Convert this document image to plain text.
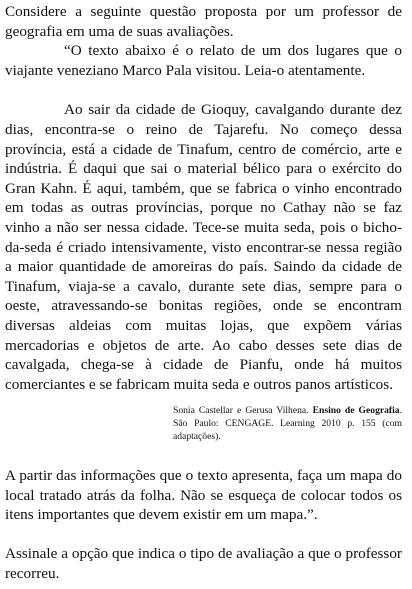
Considere a seguinte questão proposta por um professor de geografia em uma de suas avaliações.

“O texto abaixo é o relato de um dos lugares que o viajante veneziano Marco Pala visitou. Leia-o atentamente.

Ao sair da cidade de Gioquy, cavalgando durante dez dias, encontra-se o reino de Tajarefu. No começo dessa província, está a cidade de Tinafum, centro de comércio, arte e indústria. É daqui que sai o material bélico para o exército do Gran Kahn. É aqui, também, que se fabrica o vinho encontrado em todas as outras províncias, porque no Cathay não se faz vinho a não ser nessa cidade. Tece-se muita seda, pois o bicho-da-seda é criado intensivamente, visto encontrar-se nessa região a maior quantidade de amoreiras do país. Saindo da cidade de Tinafum, viaja-se a cavalo, durante sete dias, sempre para o oeste, atravessando-se bonitas regiões, onde se encontram diversas aldeias com muitas lojas, que expõem várias mercadorias e objetos de arte. Ao cabo desses sete dias de cavalgada, chega-se à cidade de Pianfu, onde há muitos comerciantes e se fabricam muita seda e outros panos artísticos.

Sonia Castellar e Gerusa Vilhena. Ensino de Geografia. São Paulo: CENGAGE. Learning 2010 p. 155 (com adaptações).

A partir das informações que o texto apresenta, faça um mapa do local tratado atrás da folha. Não se esqueça de colocar todos os itens importantes que devem existir em um mapa.”.

Assinale a opção que indica o tipo de avaliação a que o professor recorreu.
